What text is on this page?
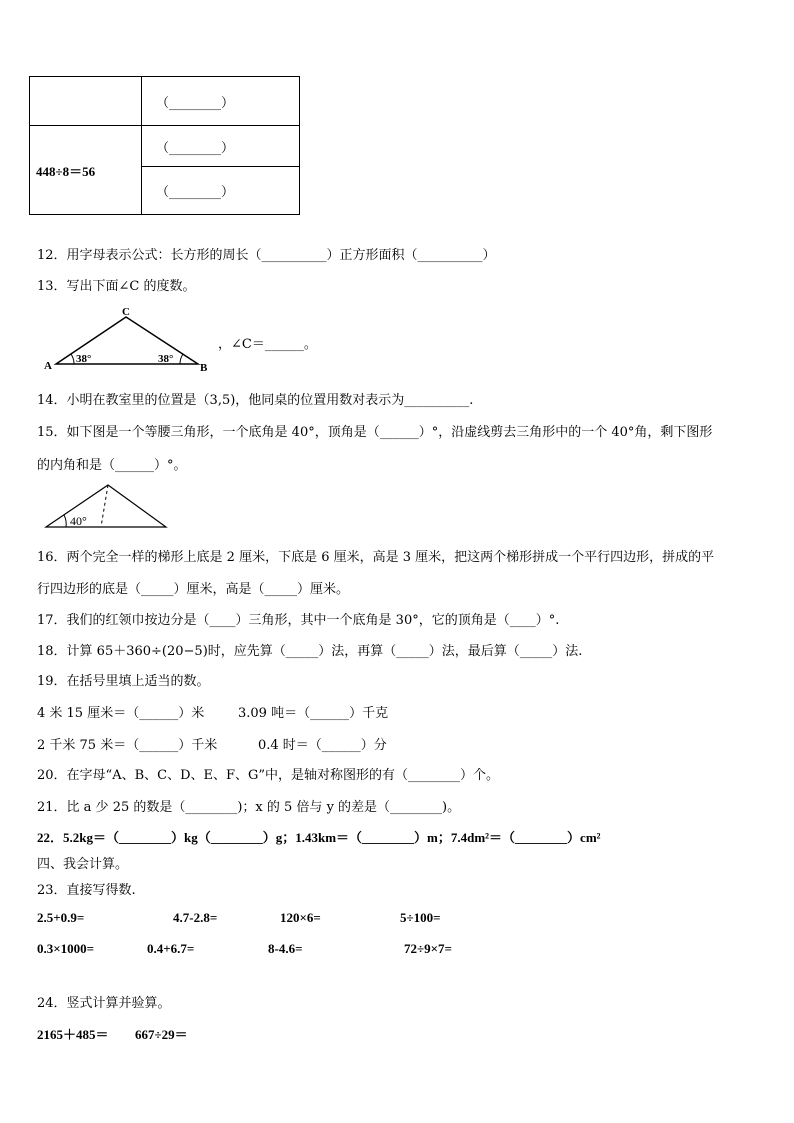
	（________）
448÷8＝56	（________）
	（________）
12．用字母表示公式：长方形的周长（__________）正方形面积（__________）
13．写出下面∠C 的度数。
C
A	B
38°	38°
，∠C＝______。
14．小明在教室里的位置是（3,5)，他同桌的位置用数对表示为__________.
15．如下图是一个等腰三角形，一个底角是 40°，顶角是（______）°，沿虚线剪去三角形中的一个 40°角，剩下图形
的内角和是（______）°。
40°
16．两个完全一样的梯形上底是 2 厘米，下底是 6 厘米，高是 3 厘米，把这两个梯形拼成一个平行四边形，拼成的平
行四边形的底是（_____）厘米，高是（_____）厘米。
17．我们的红领巾按边分是（____）三角形，其中一个底角是 30°，它的顶角是（____）°.
18．计算 65＋360÷(20−5)时，应先算（_____）法，再算（_____）法，最后算（_____）法.
19．在括号里填上适当的数。
4 米 15 厘米＝（______）米	3.09 吨＝（______）千克
2 千米 75 米＝（______）千米	0.4 时＝（______）分
20．在字母“A、B、C、D、E、F、G”中，是轴对称图形的有（________）个。
21．比 a 少 25 的数是（________)；x 的 5 倍与 y 的差是（________)。
22．5.2kg＝（________）kg（________）g；1.43km＝（________）m；7.4dm²＝（________）cm²
四、我会计算。
23．直接写得数.
2.5+0.9=	4.7-2.8=	120×6=	5÷100=
0.3×1000=	0.4+6.7=	8-4.6=	72÷9×7=
24．竖式计算并验算。
2165＋485＝ 667÷29＝
